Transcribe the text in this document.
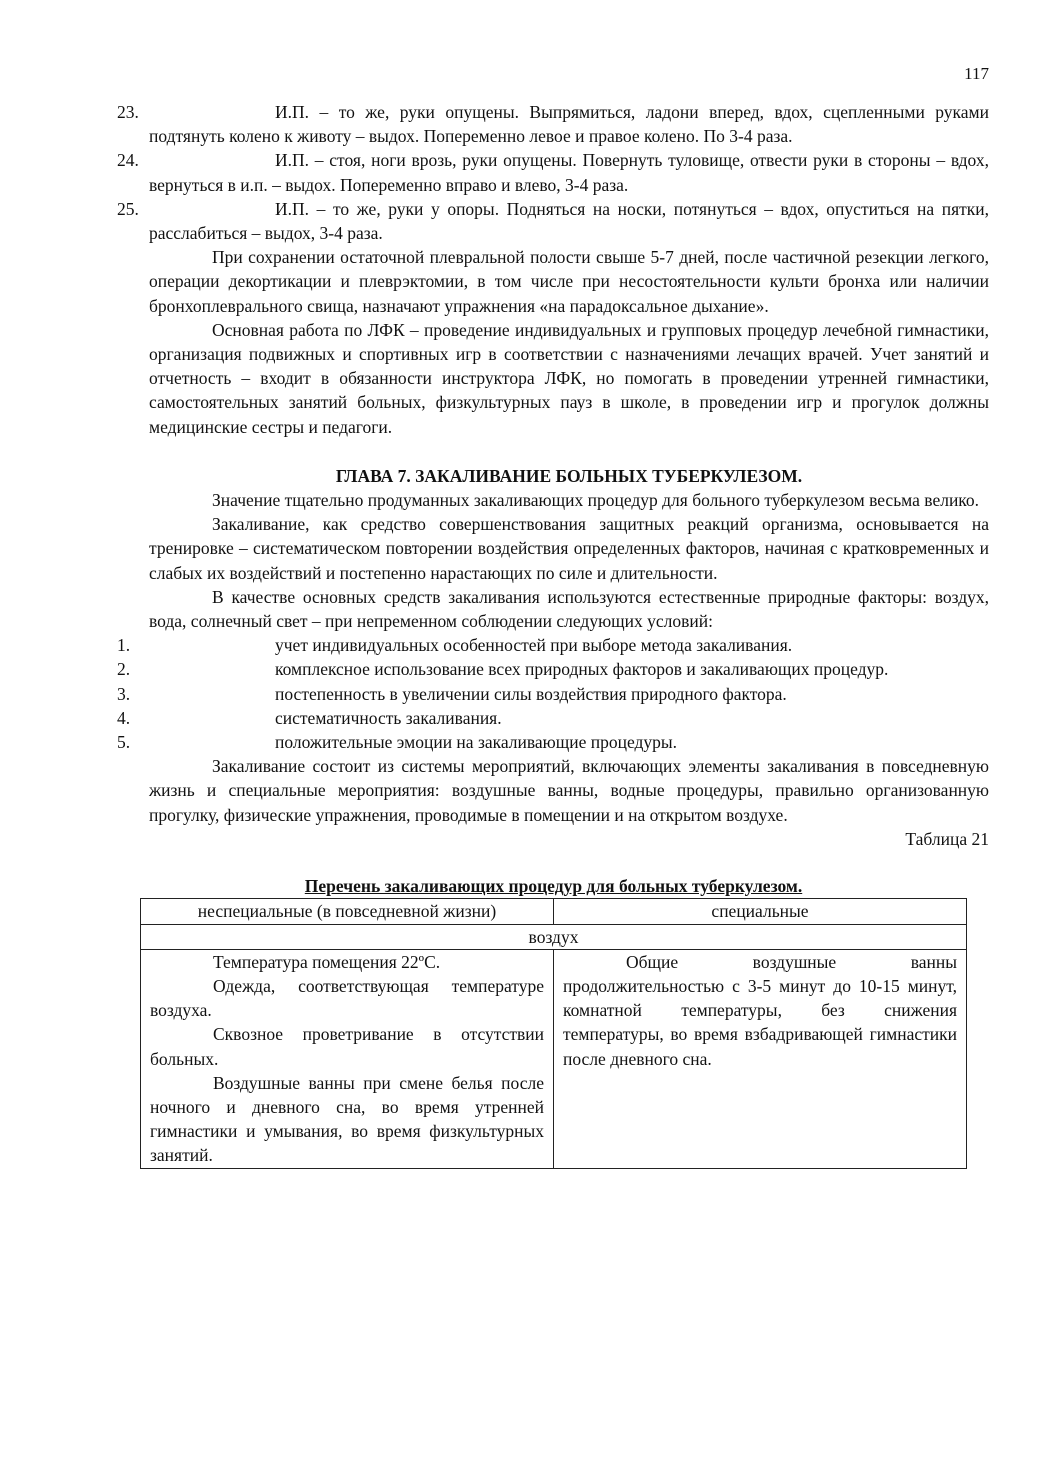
117
23.	И.П. – то же, руки опущены. Выпрямиться, ладони вперед, вдох, сцепленными руками подтянуть колено к животу – выдох. Попеременно левое и правое колено. По 3-4 раза.
24.	И.П. – стоя, ноги врозь, руки опущены. Повернуть туловище, отвести руки в стороны – вдох, вернуться в и.п. – выдох. Попеременно вправо и влево, 3-4 раза.
25.	И.П. – то же, руки у опоры. Подняться на носки, потянуться – вдох, опуститься на пятки, расслабиться – выдох, 3-4 раза.
При сохранении остаточной плевральной полости свыше 5-7 дней, после частичной резекции легкого, операции декортикации и плеврэктомии, в том числе при несостоятельности культи бронха или наличии бронхоплеврального свища, назначают упражнения «на парадоксальное дыхание».
Основная работа по ЛФК – проведение индивидуальных и групповых процедур лечебной гимнастики, организация подвижных и спортивных игр в соответствии с назначениями лечащих врачей. Учет занятий и отчетность – входит в обязанности инструктора ЛФК, но помогать в проведении утренней гимнастики, самостоятельных занятий больных, физкультурных пауз в школе, в проведении игр и прогулок должны медицинские сестры и педагоги.
ГЛАВА 7. ЗАКАЛИВАНИЕ БОЛЬНЫХ ТУБЕРКУЛЕЗОМ.
Значение тщательно продуманных закаливающих процедур для больного туберкулезом весьма велико.
Закаливание, как средство совершенствования защитных реакций организма, основывается на тренировке – систематическом повторении воздействия определенных факторов, начиная с кратковременных и слабых их воздействий и постепенно нарастающих по силе и длительности.
В качестве основных средств закаливания используются естественные природные факторы: воздух, вода, солнечный свет – при непременном соблюдении следующих условий:
1.	учет индивидуальных особенностей при выборе метода закаливания.
2.	комплексное использование всех природных факторов и закаливающих процедур.
3.	постепенность в увеличении силы воздействия природного фактора.
4.	систематичность закаливания.
5.	положительные эмоции на закаливающие процедуры.
Закаливание состоит из системы мероприятий, включающих элементы закаливания в повседневную жизнь и специальные мероприятия: воздушные ванны, водные процедуры, правильно организованную прогулку, физические упражнения, проводимые в помещении и на открытом воздухе.
Таблица 21
Перечень закаливающих процедур для больных туберкулезом.
неспециальные (в повседневной жизни)	специальные
воздух	

Температура помещения 22ºС.

Одежда, соответствующая температуре воздуха.

Сквозное проветривание в отсутствии больных.

Воздушные ванны при смене белья после ночного и дневного сна, во время утренней гимнастики и умывания, во время физкультурных занятий.	Общие воздушные ванны продолжительностью с 3-5 минут до 10-15 минут, комнатной температуры, без снижения температуры, во время взбадривающей гимнастики после дневного сна.
